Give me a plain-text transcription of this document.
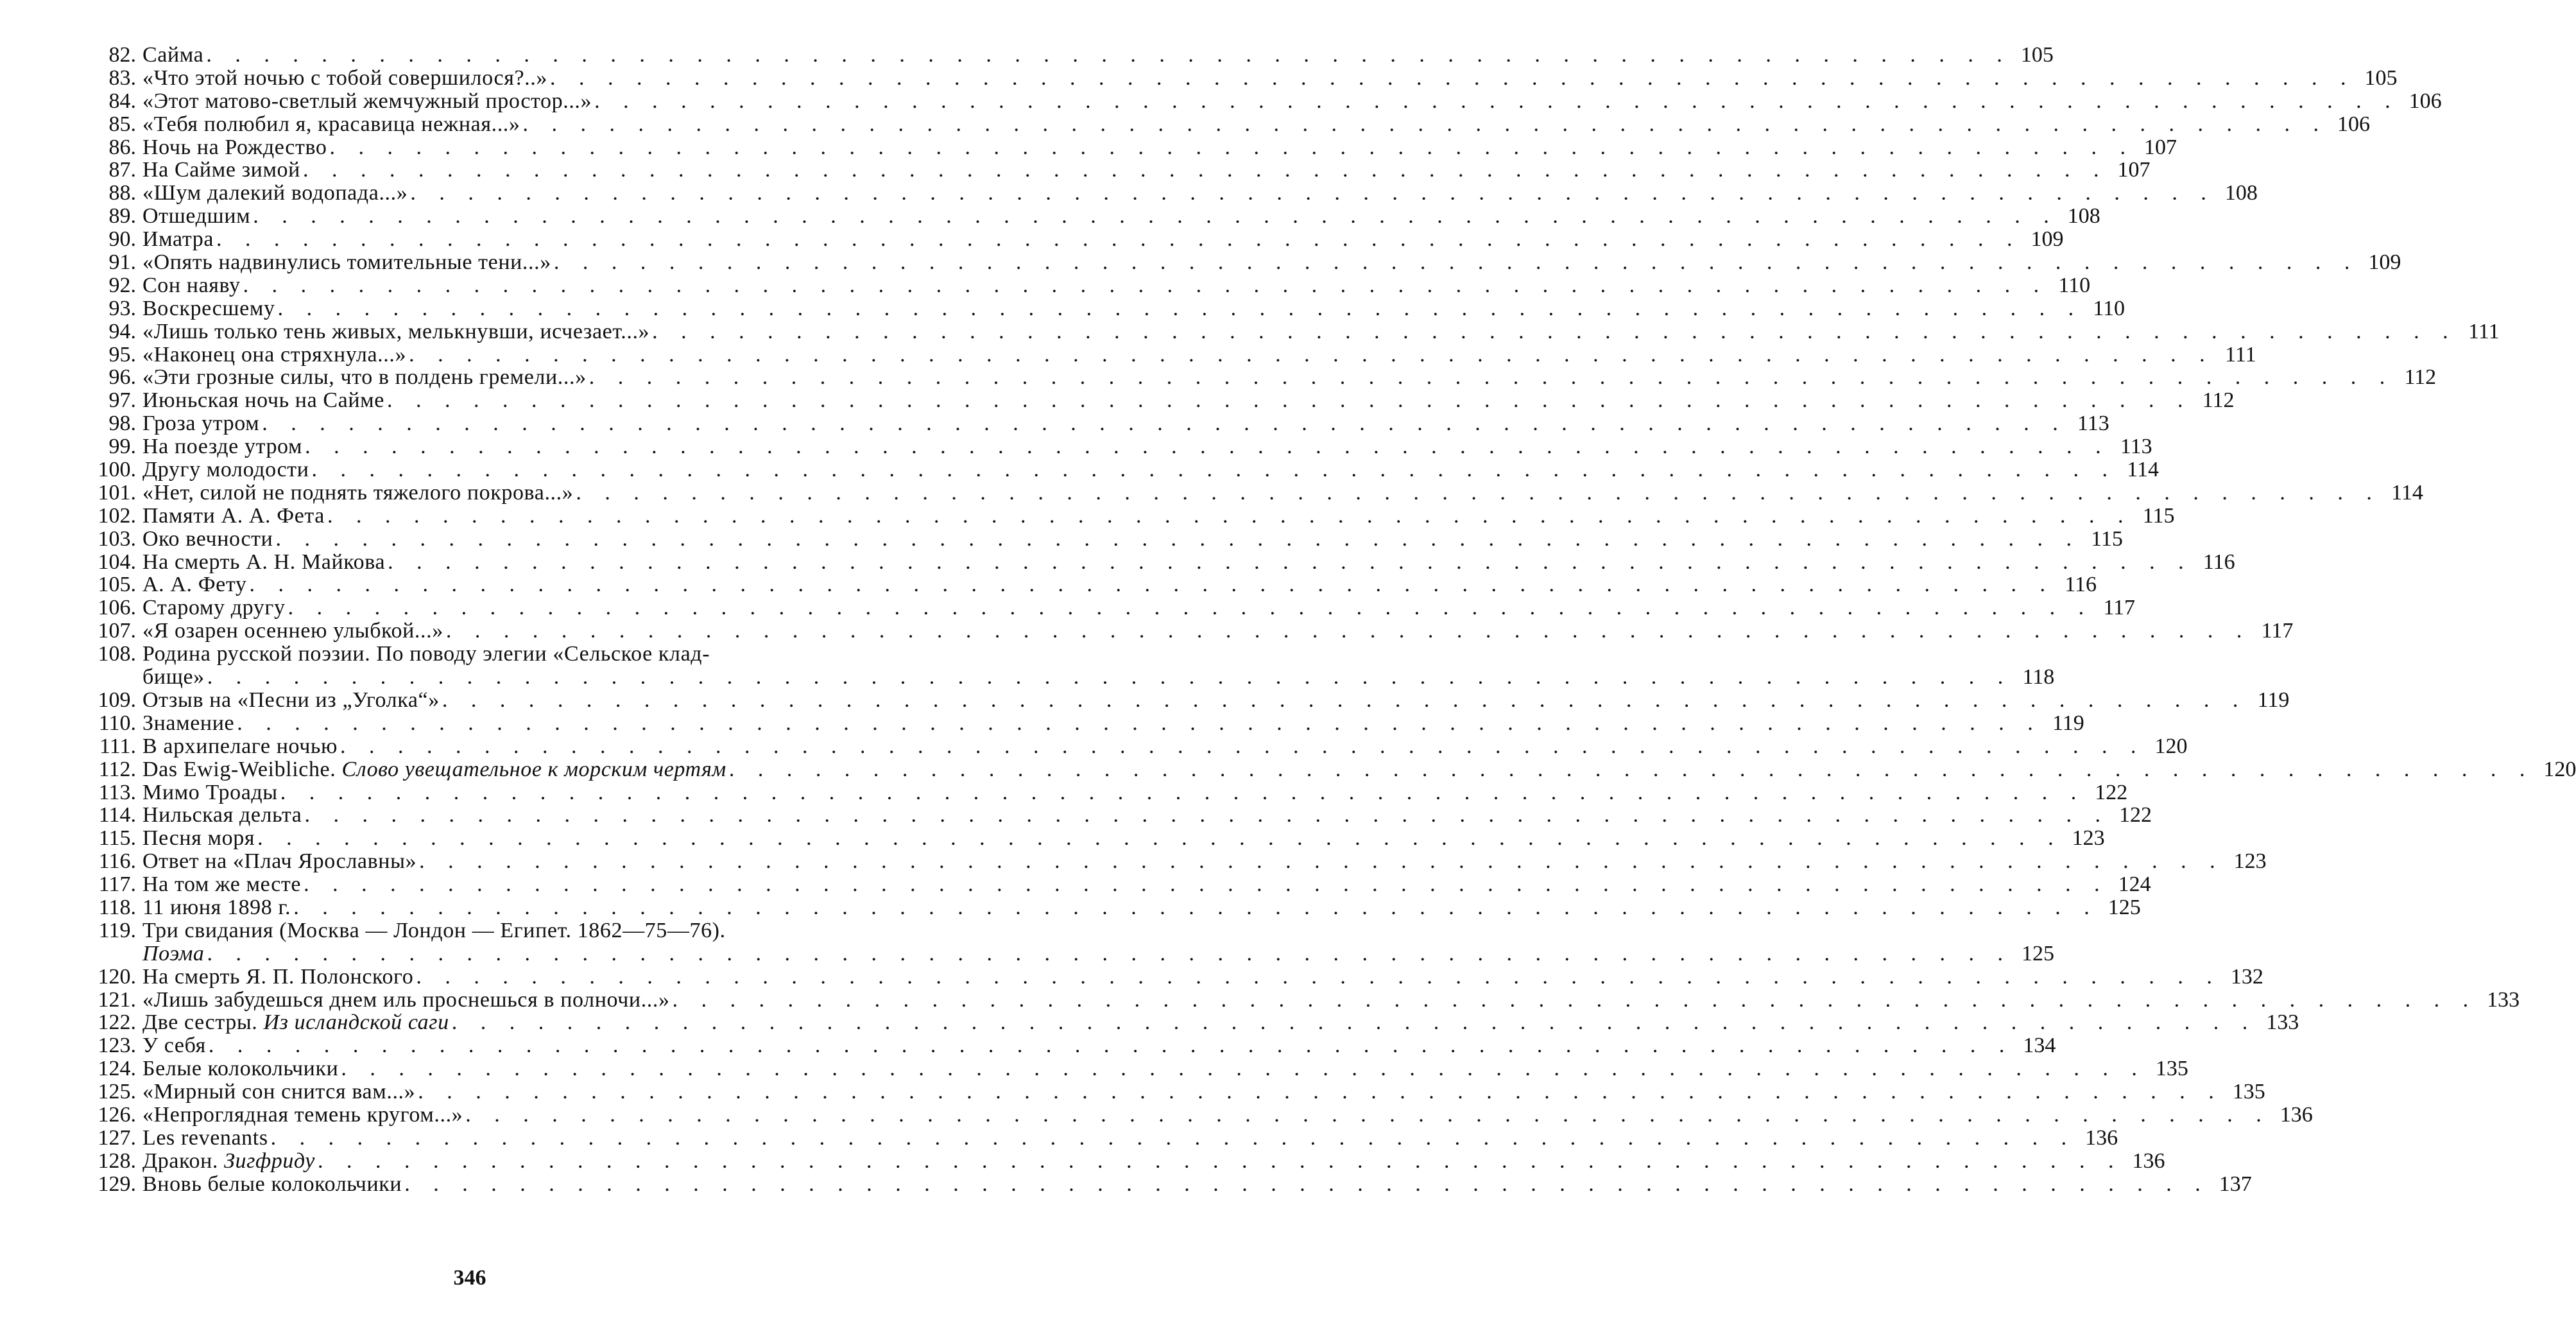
82. Сайма . . . . . . . . . . . . . . . . . . . . . . . . . . . . . . . . . . . . . . . . . . . . . . . . . . . . . . . . . . . . . . . 105
83. «Что этой ночью с тобой совершилося?..» . . . . . . . . . . . . . . . . . . . . . . . . . . . . . . . . . . . . . . . . . . . . . . . . . . . . . . . . . . . . . . . 105
84. «Этот матово-светлый жемчужный простор...» . . . . . . . . . . . . . . . . . . . . . . . . . . . . . . . . . . . . . . . . . . . . . . . . . . . . . . . . . . . . . . . 106
85. «Тебя полюбил я, красавица нежная...» . . . . . . . . . . . . . . . . . . . . . . . . . . . . . . . . . . . . . . . . . . . . . . . . . . . . . . . . . . . . . . . 106
86. Ночь на Рождество . . . . . . . . . . . . . . . . . . . . . . . . . . . . . . . . . . . . . . . . . . . . . . . . . . . . . . . . . . . . . . . 107
87. На Сайме зимой . . . . . . . . . . . . . . . . . . . . . . . . . . . . . . . . . . . . . . . . . . . . . . . . . . . . . . . . . . . . . . . 107
88. «Шум далекий водопада...» . . . . . . . . . . . . . . . . . . . . . . . . . . . . . . . . . . . . . . . . . . . . . . . . . . . . . . . . . . . . . . . 108
89. Отшедшим . . . . . . . . . . . . . . . . . . . . . . . . . . . . . . . . . . . . . . . . . . . . . . . . . . . . . . . . . . . . . . . 108
90. Иматра . . . . . . . . . . . . . . . . . . . . . . . . . . . . . . . . . . . . . . . . . . . . . . . . . . . . . . . . . . . . . . . 109
91. «Опять надвинулись томительные тени...» . . . . . . . . . . . . . . . . . . . . . . . . . . . . . . . . . . . . . . . . . . . . . . . . . . . . . . . . . . . . . . . 109
92. Сон наяву . . . . . . . . . . . . . . . . . . . . . . . . . . . . . . . . . . . . . . . . . . . . . . . . . . . . . . . . . . . . . . . 110
93. Воскресшему . . . . . . . . . . . . . . . . . . . . . . . . . . . . . . . . . . . . . . . . . . . . . . . . . . . . . . . . . . . . . . . 110
94. «Лишь только тень живых, мелькнувши, исчезает...» . . . . . . . . . . . . . . . . . . . . . . . . . . . . . . . . . . . . . . . . . . . . . . . . . . . . . . . . . . . . . . . 111
95. «Наконец она стряхнула...» . . . . . . . . . . . . . . . . . . . . . . . . . . . . . . . . . . . . . . . . . . . . . . . . . . . . . . . . . . . . . . . 111
96. «Эти грозные силы, что в полдень гремели...» . . . . . . . . . . . . . . . . . . . . . . . . . . . . . . . . . . . . . . . . . . . . . . . . . . . . . . . . . . . . . . . 112
97. Июньская ночь на Сайме . . . . . . . . . . . . . . . . . . . . . . . . . . . . . . . . . . . . . . . . . . . . . . . . . . . . . . . . . . . . . . . 112
98. Гроза утром . . . . . . . . . . . . . . . . . . . . . . . . . . . . . . . . . . . . . . . . . . . . . . . . . . . . . . . . . . . . . . . 113
99. На поезде утром . . . . . . . . . . . . . . . . . . . . . . . . . . . . . . . . . . . . . . . . . . . . . . . . . . . . . . . . . . . . . . . 113
100. Другу молодости . . . . . . . . . . . . . . . . . . . . . . . . . . . . . . . . . . . . . . . . . . . . . . . . . . . . . . . . . . . . . . . 114
101. «Нет, силой не поднять тяжелого покрова...» . . . . . . . . . . . . . . . . . . . . . . . . . . . . . . . . . . . . . . . . . . . . . . . . . . . . . . . . . . . . . . . 114
102. Памяти А. А. Фета . . . . . . . . . . . . . . . . . . . . . . . . . . . . . . . . . . . . . . . . . . . . . . . . . . . . . . . . . . . . . . . 115
103. Око вечности . . . . . . . . . . . . . . . . . . . . . . . . . . . . . . . . . . . . . . . . . . . . . . . . . . . . . . . . . . . . . . . 115
104. На смерть А. Н. Майкова . . . . . . . . . . . . . . . . . . . . . . . . . . . . . . . . . . . . . . . . . . . . . . . . . . . . . . . . . . . . . . . 116
105. А. А. Фету . . . . . . . . . . . . . . . . . . . . . . . . . . . . . . . . . . . . . . . . . . . . . . . . . . . . . . . . . . . . . . . 116
106. Старому другу . . . . . . . . . . . . . . . . . . . . . . . . . . . . . . . . . . . . . . . . . . . . . . . . . . . . . . . . . . . . . . . 117
107. «Я озарен осеннею улыбкой...» . . . . . . . . . . . . . . . . . . . . . . . . . . . . . . . . . . . . . . . . . . . . . . . . . . . . . . . . . . . . . . . 117
108. Родина русской поэзии. По поводу элегии «Сельское клад-
бище» . . . . . . . . . . . . . . . . . . . . . . . . . . . . . . . . . . . . . . . . . . . . . . . . . . . . . . . . . . . . . . . 118
109. Отзыв на «Песни из „Уголка“» . . . . . . . . . . . . . . . . . . . . . . . . . . . . . . . . . . . . . . . . . . . . . . . . . . . . . . . . . . . . . . . 119
110. Знамение . . . . . . . . . . . . . . . . . . . . . . . . . . . . . . . . . . . . . . . . . . . . . . . . . . . . . . . . . . . . . . . 119
111. В архипелаге ночью . . . . . . . . . . . . . . . . . . . . . . . . . . . . . . . . . . . . . . . . . . . . . . . . . . . . . . . . . . . . . . . 120
112. Das Ewig-Weibliche. Слово увещательное к морским чертям . . . . . . . . . . . . . . . . . . . . . . . . . . . . . . . . . . . . . . . . . . . . . . . . . . . . . . . . . . . . . . . 120
113. Мимо Троады . . . . . . . . . . . . . . . . . . . . . . . . . . . . . . . . . . . . . . . . . . . . . . . . . . . . . . . . . . . . . . . 122
114. Нильская дельта . . . . . . . . . . . . . . . . . . . . . . . . . . . . . . . . . . . . . . . . . . . . . . . . . . . . . . . . . . . . . . . 122
115. Песня моря . . . . . . . . . . . . . . . . . . . . . . . . . . . . . . . . . . . . . . . . . . . . . . . . . . . . . . . . . . . . . . . 123
116. Ответ на «Плач Ярославны» . . . . . . . . . . . . . . . . . . . . . . . . . . . . . . . . . . . . . . . . . . . . . . . . . . . . . . . . . . . . . . . 123
117. На том же месте . . . . . . . . . . . . . . . . . . . . . . . . . . . . . . . . . . . . . . . . . . . . . . . . . . . . . . . . . . . . . . . 124
118. 11 июня 1898 г. . . . . . . . . . . . . . . . . . . . . . . . . . . . . . . . . . . . . . . . . . . . . . . . . . . . . . . . . . . . . . . . 125
119. Три свидания (Москва — Лондон — Египет. 1862—75—76).
Поэма . . . . . . . . . . . . . . . . . . . . . . . . . . . . . . . . . . . . . . . . . . . . . . . . . . . . . . . . . . . . . . . 125
120. На смерть Я. П. Полонского . . . . . . . . . . . . . . . . . . . . . . . . . . . . . . . . . . . . . . . . . . . . . . . . . . . . . . . . . . . . . . . 132
121. «Лишь забудешься днем иль проснешься в полночи...» . . . . . . . . . . . . . . . . . . . . . . . . . . . . . . . . . . . . . . . . . . . . . . . . . . . . . . . . . . . . . . . 133
122. Две сестры. Из исландской саги . . . . . . . . . . . . . . . . . . . . . . . . . . . . . . . . . . . . . . . . . . . . . . . . . . . . . . . . . . . . . . . 133
123. У себя . . . . . . . . . . . . . . . . . . . . . . . . . . . . . . . . . . . . . . . . . . . . . . . . . . . . . . . . . . . . . . . 134
124. Белые колокольчики . . . . . . . . . . . . . . . . . . . . . . . . . . . . . . . . . . . . . . . . . . . . . . . . . . . . . . . . . . . . . . . 135
125. «Мирный сон снится вам...» . . . . . . . . . . . . . . . . . . . . . . . . . . . . . . . . . . . . . . . . . . . . . . . . . . . . . . . . . . . . . . . 135
126. «Непроглядная темень кругом...» . . . . . . . . . . . . . . . . . . . . . . . . . . . . . . . . . . . . . . . . . . . . . . . . . . . . . . . . . . . . . . . 136
127. Les revenants . . . . . . . . . . . . . . . . . . . . . . . . . . . . . . . . . . . . . . . . . . . . . . . . . . . . . . . . . . . . . . . 136
128. Дракон. Зигфриду . . . . . . . . . . . . . . . . . . . . . . . . . . . . . . . . . . . . . . . . . . . . . . . . . . . . . . . . . . . . . . . 136
129. Вновь белые колокольчики . . . . . . . . . . . . . . . . . . . . . . . . . . . . . . . . . . . . . . . . . . . . . . . . . . . . . . . . . . . . . . . 137
346
